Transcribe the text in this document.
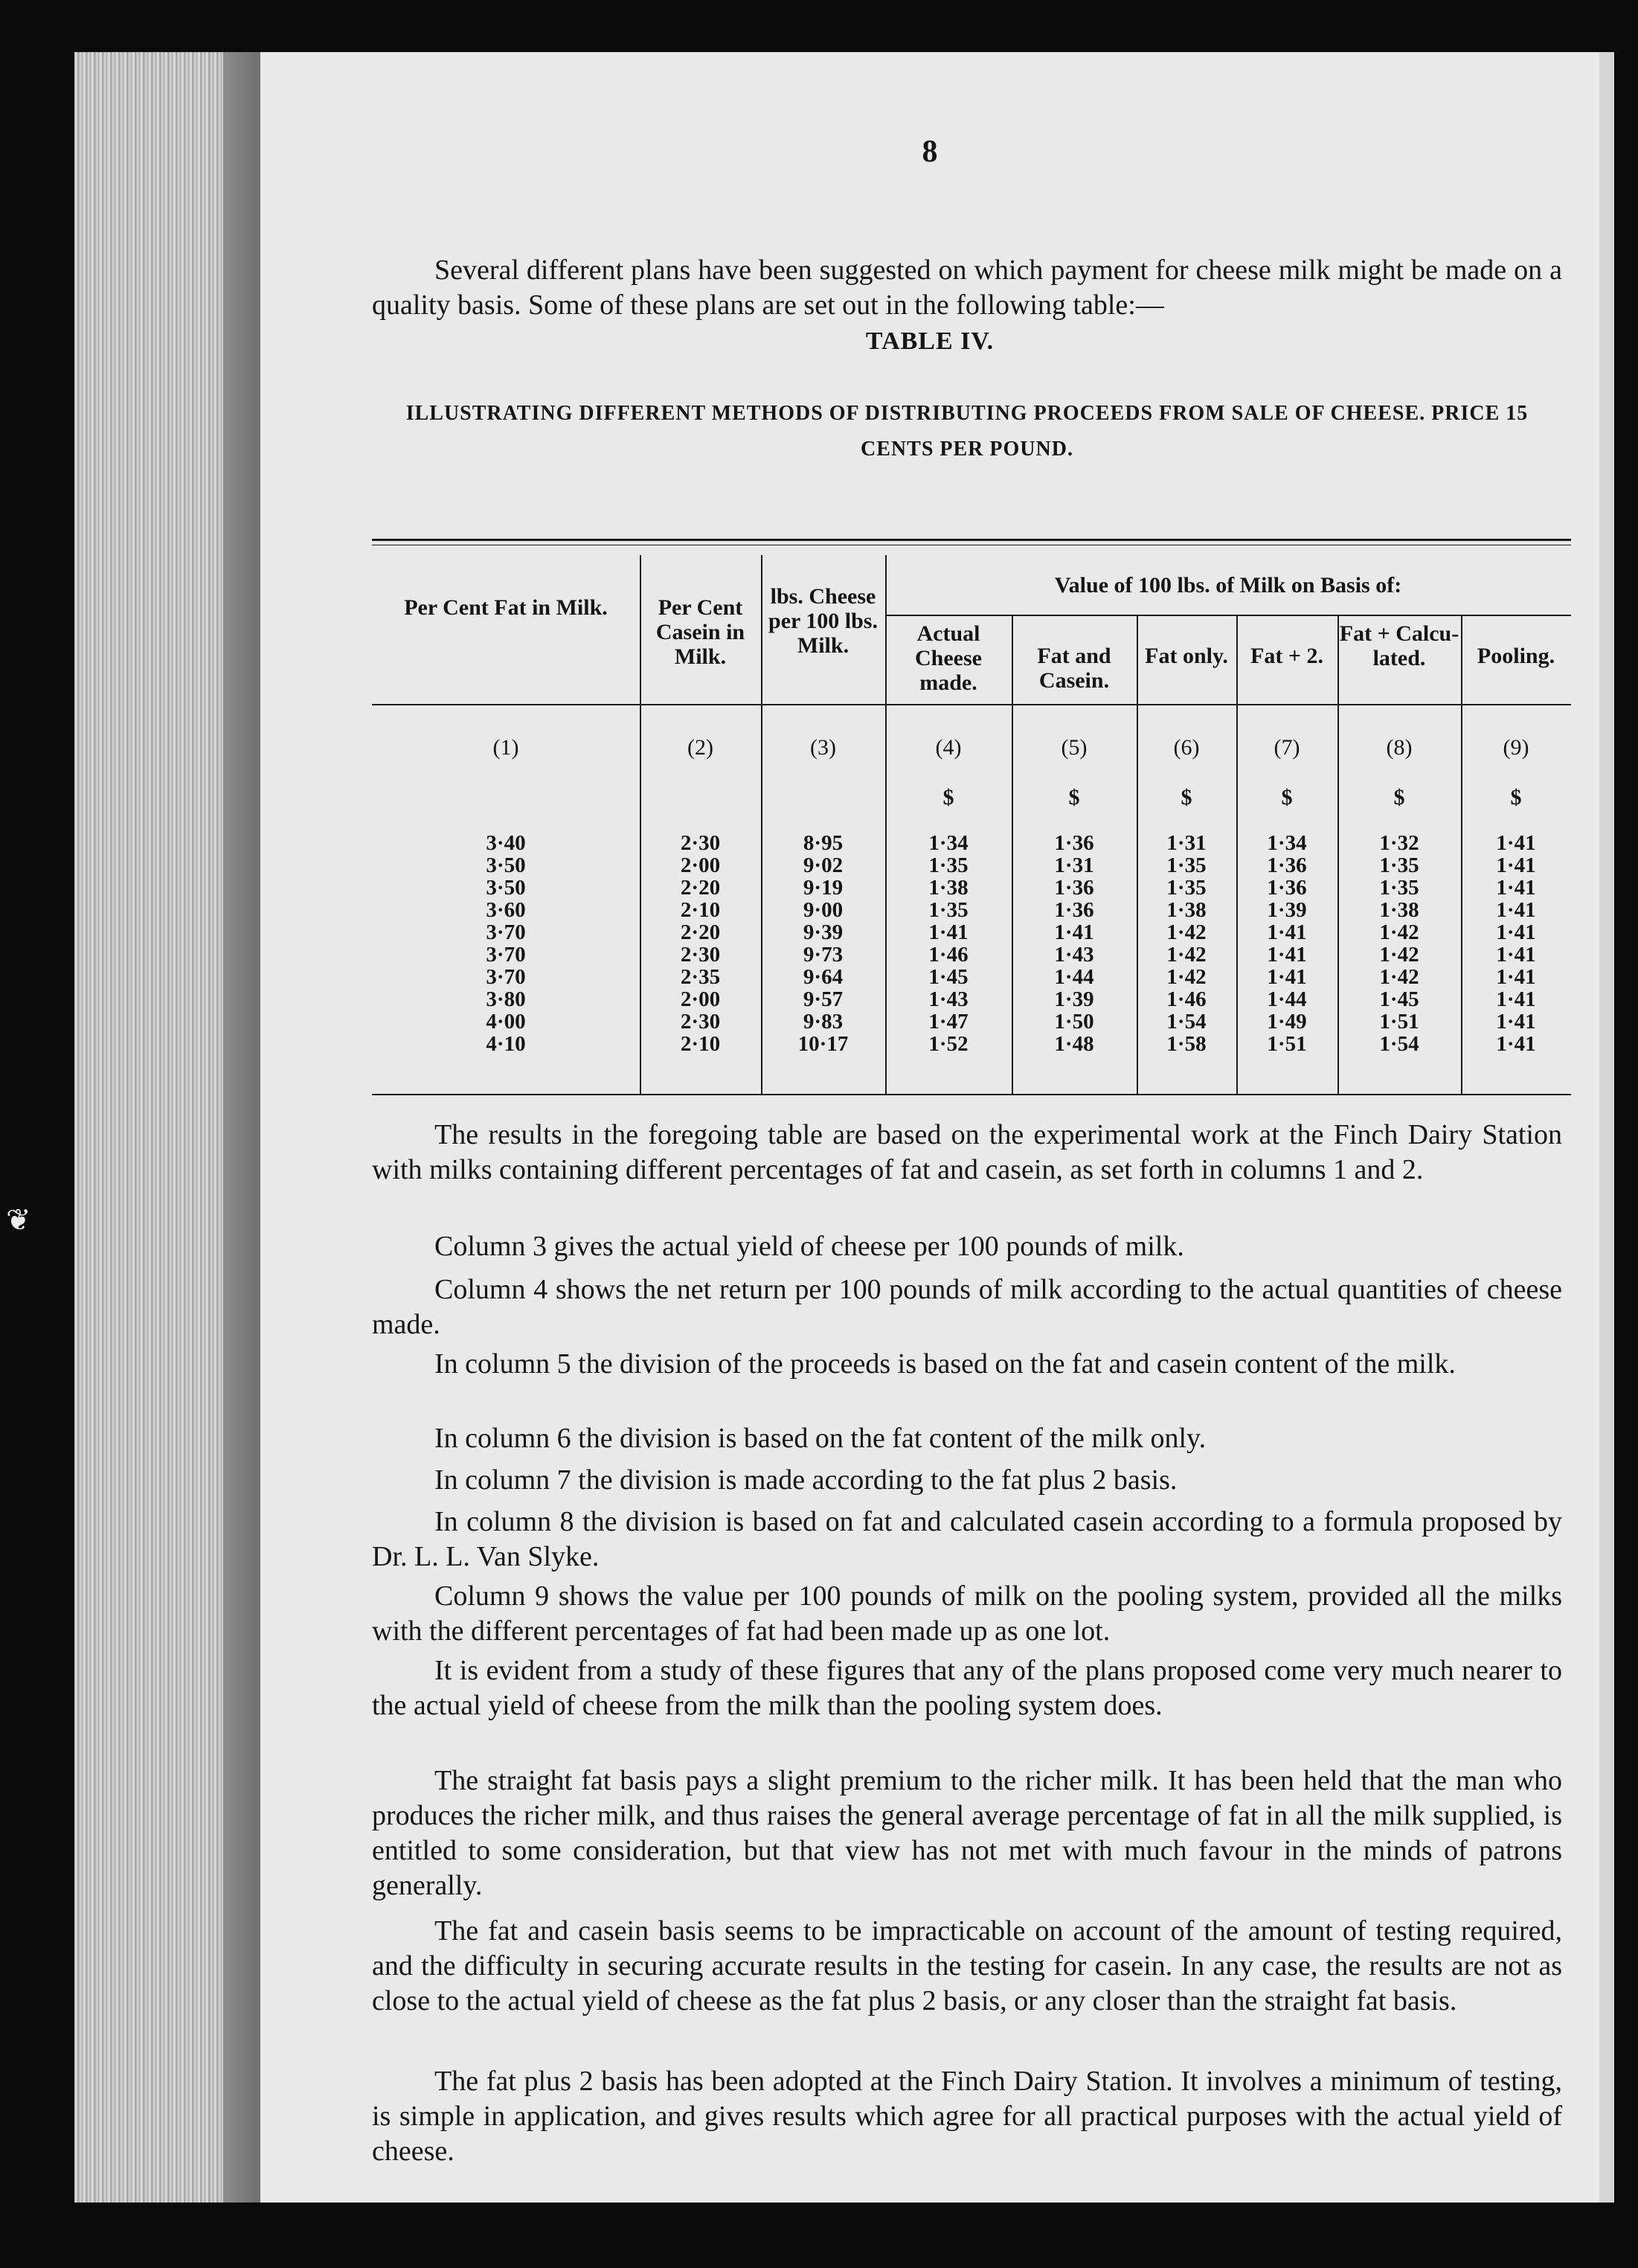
❦
8

Several different plans have been suggested on which payment for cheese milk might be made on a quality basis. Some of these plans are set out in the following table:—

TABLE IV.
ILLUSTRATING DIFFERENT METHODS OF DISTRIBUTING PROCEEDS FROM SALE OF CHEESE. PRICE 15 CENTS PER POUND.
Value of 100 lbs. of Milk on Basis of:
Per Cent Fat in Milk.
(1)
3·40
3·50
3·50
3·60
3·70
3·70
3·70
3·80
4·00
4·10
Per Cent Casein in Milk.
(2)
2·30
2·00
2·20
2·10
2·20
2·30
2·35
2·00
2·30
2·10
lbs. Cheese per 100 lbs. Milk.
(3)
8·95
9·02
9·19
9·00
9·39
9·73
9·64
9·57
9·83
10·17
Actual Cheese made.
(4)
$
1·34
1·35
1·38
1·35
1·41
1·46
1·45
1·43
1·47
1·52
Fat and Casein.
(5)
$
1·36
1·31
1·36
1·36
1·41
1·43
1·44
1·39
1·50
1·48
Fat only.
(6)
$
1·31
1·35
1·35
1·38
1·42
1·42
1·42
1·46
1·54
1·58
Fat + 2.
(7)
$
1·34
1·36
1·36
1·39
1·41
1·41
1·41
1·44
1·49
1·51
Fat + Calcu-lated.
(8)
$
1·32
1·35
1·35
1·38
1·42
1·42
1·42
1·45
1·51
1·54
Pooling.
(9)
$
1·41
1·41
1·41
1·41
1·41
1·41
1·41
1·41
1·41
1·41

The results in the foregoing table are based on the experimental work at the Finch Dairy Station with milks containing different percentages of fat and casein, as set forth in columns 1 and 2.

Column 3 gives the actual yield of cheese per 100 pounds of milk.

Column 4 shows the net return per 100 pounds of milk according to the actual quantities of cheese made.

In column 5 the division of the proceeds is based on the fat and casein content of the milk.

In column 6 the division is based on the fat content of the milk only.

In column 7 the division is made according to the fat plus 2 basis.

In column 8 the division is based on fat and calculated casein according to a formula proposed by Dr. L. L. Van Slyke.

Column 9 shows the value per 100 pounds of milk on the pooling system, provided all the milks with the different percentages of fat had been made up as one lot.

It is evident from a study of these figures that any of the plans proposed come very much nearer to the actual yield of cheese from the milk than the pooling system does.

The straight fat basis pays a slight premium to the richer milk. It has been held that the man who produces the richer milk, and thus raises the general average percentage of fat in all the milk supplied, is entitled to some consideration, but that view has not met with much favour in the minds of patrons generally.

The fat and casein basis seems to be impracticable on account of the amount of testing required, and the difficulty in securing accurate results in the testing for casein. In any case, the results are not as close to the actual yield of cheese as the fat plus 2 basis, or any closer than the straight fat basis.

The fat plus 2 basis has been adopted at the Finch Dairy Station. It involves a minimum of testing, is simple in application, and gives results which agree for all practical purposes with the actual yield of cheese.
